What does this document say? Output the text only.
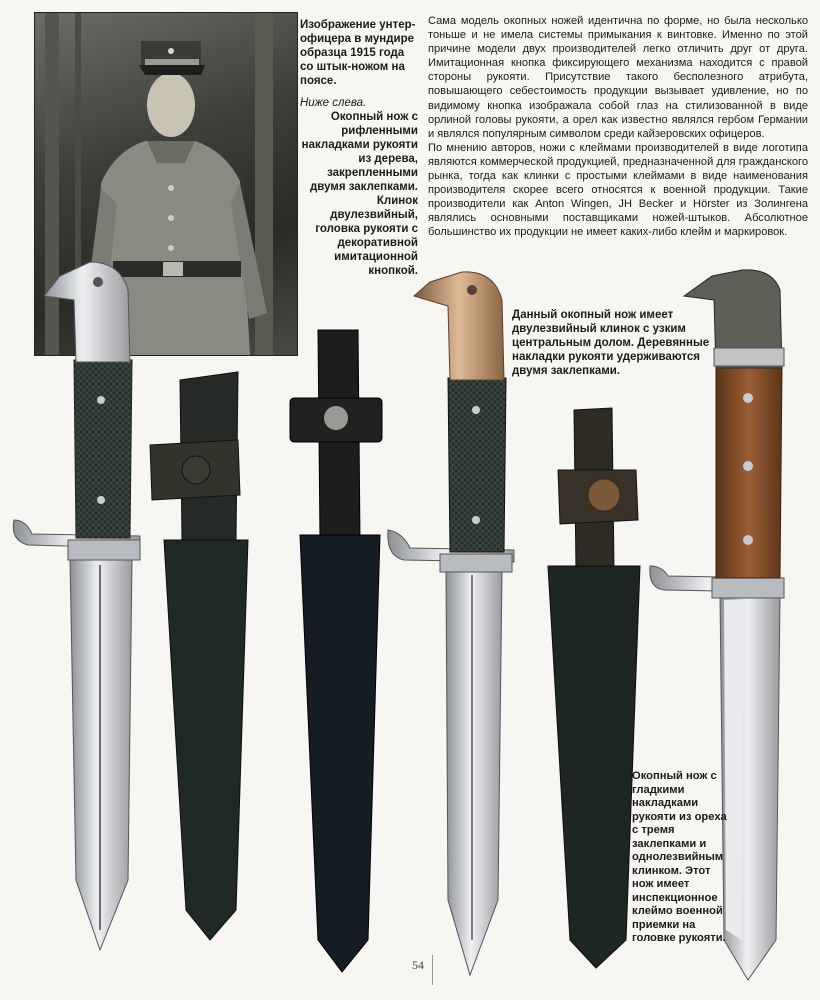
Изображение унтер-офицера в мундире образца 1915 года со штык-ножом на поясе.

Ниже слева.

Окопный нож с рифленными накладками рукояти из дерева, закрепленными двумя заклепками. Клинок двулезвийный, головка рукояти с декоративной имитационной кнопкой.

Сама модель окопных ножей идентична по форме, но была несколько тоньше и не имела системы примыкания к винтовке. Именно по этой причине модели двух производителей легко отличить друг от друга. Имитационная кнопка фиксирующего механизма находится с правой стороны рукояти. Присутствие такого бесполезного атрибута, повышающего себестоимость продукции вызывает удивление, но по видимому кнопка изображала собой глаз на стилизованной в виде орлиной головы рукояти, а орел как известно являлся гербом Германии и являлся популярным символом среди кайзеровских офицеров.

По мнению авторов, ножи с клеймами производителей в виде логотипа являются коммерческой продукцией, предназначенной для гражданского рынка, тогда как клинки с простыми клеймами в виде наименования производителя скорее всего относятся к военной продукции. Такие производители как Anton Wingen, JH Becker и Hörster из Золингена являлись основными поставщиками ножей-штыков. Абсолютное большинство их продукции не имеет каких-либо клейм и маркировок.

Данный окопный нож имеет двулезвийный клинок с узким центральным долом. Деревянные накладки рукояти удерживаются двумя заклепками.
Окопный нож с гладкими накладками рукояти из ореха с тремя заклепками и однолезвийным клинком. Этот нож имеет инспекционное клеймо военной приемки на головке рукояти.
54
